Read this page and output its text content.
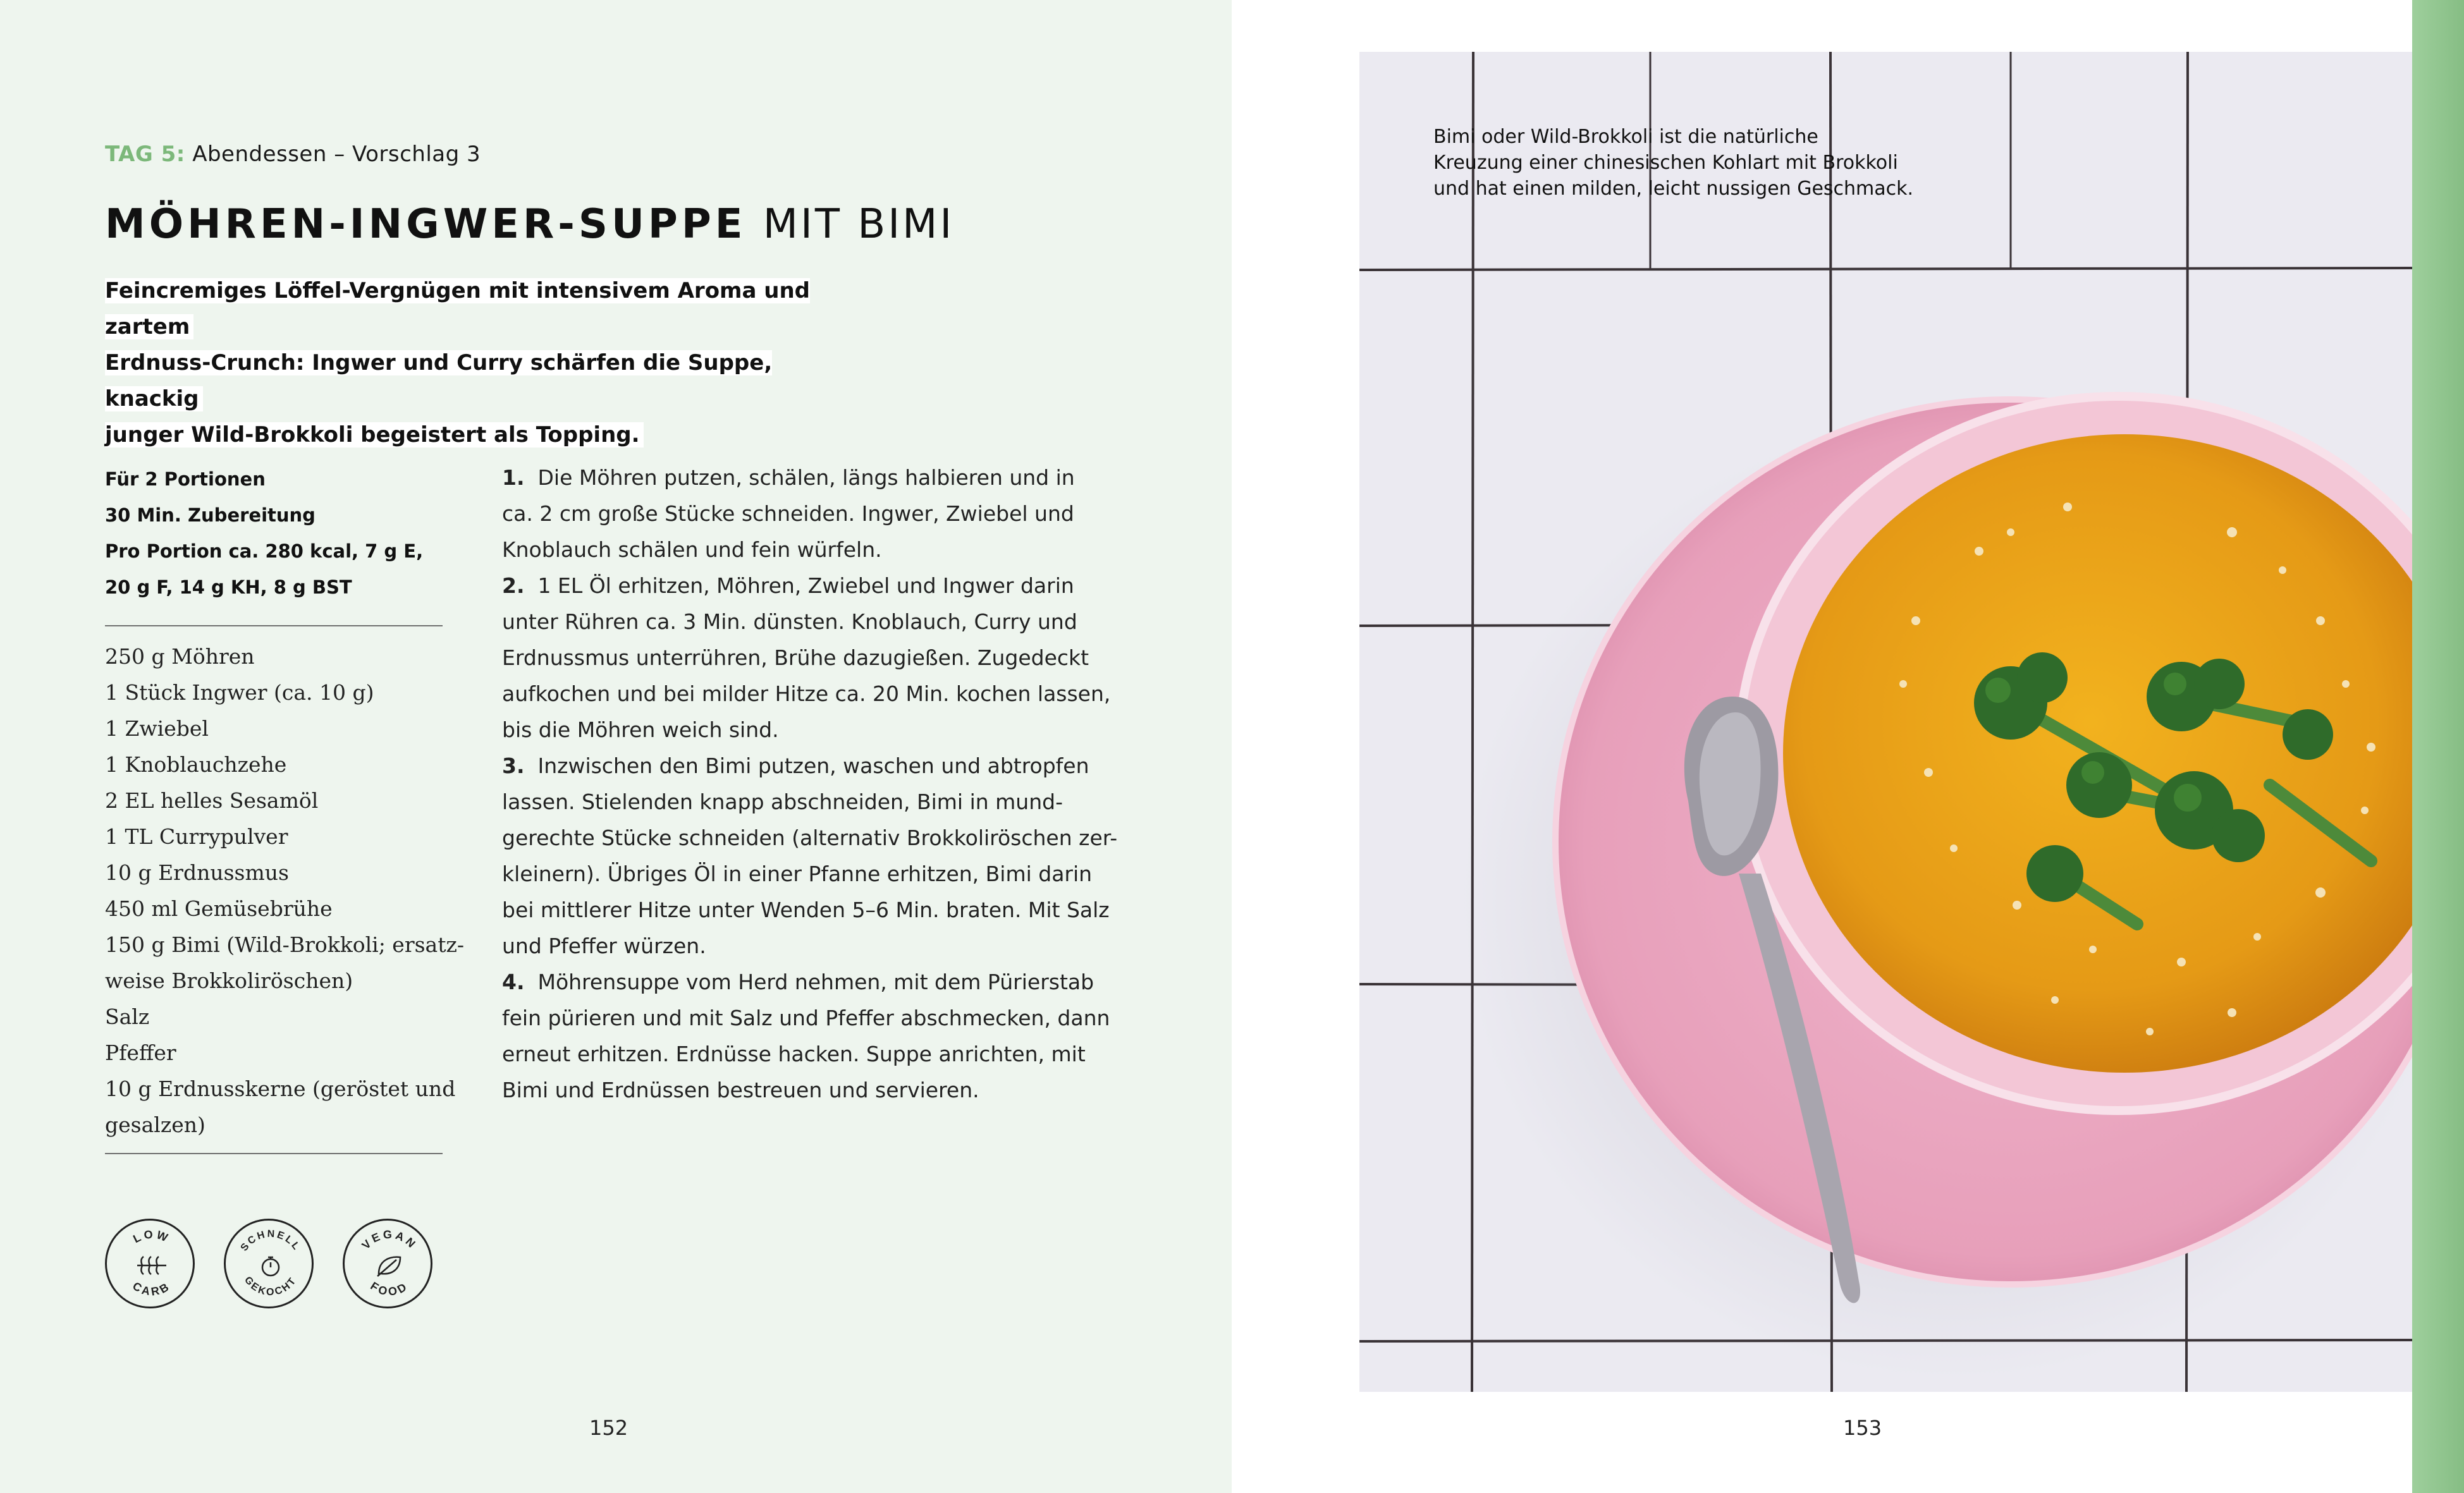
TAG 5: Abendessen – Vorschlag 3
MÖHREN-INGWER-SUPPE MIT BIMI
Feincremiges Löffel-Vergnügen mit intensivem Aroma und zartem
Erdnuss-Crunch: Ingwer und Curry schärfen die Suppe, knackig
junger Wild-Brokkoli begeistert als Topping.
Für 2 Portionen
30 Min. Zubereitung
Pro Portion ca. 280 kcal, 7 g E,
20 g F, 14 g KH, 8 g BST
250 g Möhren
1 Stück Ingwer (ca. 10 g)
1 Zwiebel
1 Knoblauchzehe
2 EL helles Sesamöl
1 TL Currypulver
10 g Erdnussmus
450 ml Gemüsebrühe
150 g Bimi (Wild-Brokkoli; ersatz-
weise Brokkoliröschen)
Salz
Pfeffer
10 g Erdnusskerne (geröstet und
gesalzen)
1. Die Möhren putzen, schälen, längs halbieren und in
ca. 2 cm große Stücke schneiden. Ingwer, Zwiebel und
Knoblauch schälen und fein würfeln.
2. 1 EL Öl erhitzen, Möhren, Zwiebel und Ingwer darin
unter Rühren ca. 3 Min. dünsten. Knoblauch, Curry und
Erdnussmus unterrühren, Brühe dazugießen. Zugedeckt
aufkochen und bei milder Hitze ca. 20 Min. kochen lassen,
bis die Möhren weich sind.
3. Inzwischen den Bimi putzen, waschen und abtropfen
lassen. Stielenden knapp abschneiden, Bimi in mund-
gerechte Stücke schneiden (alternativ Brokkoliröschen zer-
kleinern). Übriges Öl in einer Pfanne erhitzen, Bimi darin
bei mittlerer Hitze unter Wenden 5–6 Min. braten. Mit Salz
und Pfeffer würzen.
4. Möhrensuppe vom Herd nehmen, mit dem Pürierstab
fein pürieren und mit Salz und Pfeffer abschmecken, dann
erneut erhitzen. Erdnüsse hacken. Suppe anrichten, mit
Bimi und Erdnüssen bestreuen und servieren.
LOW
CARB
SCHNELL
GEKOCHT
VEGAN
FOOD
152
Bimi oder Wild-Brokkoli ist die natürliche
Kreuzung einer chinesischen Kohlart mit Brokkoli
und hat einen milden, leicht nussigen Geschmack.
153
